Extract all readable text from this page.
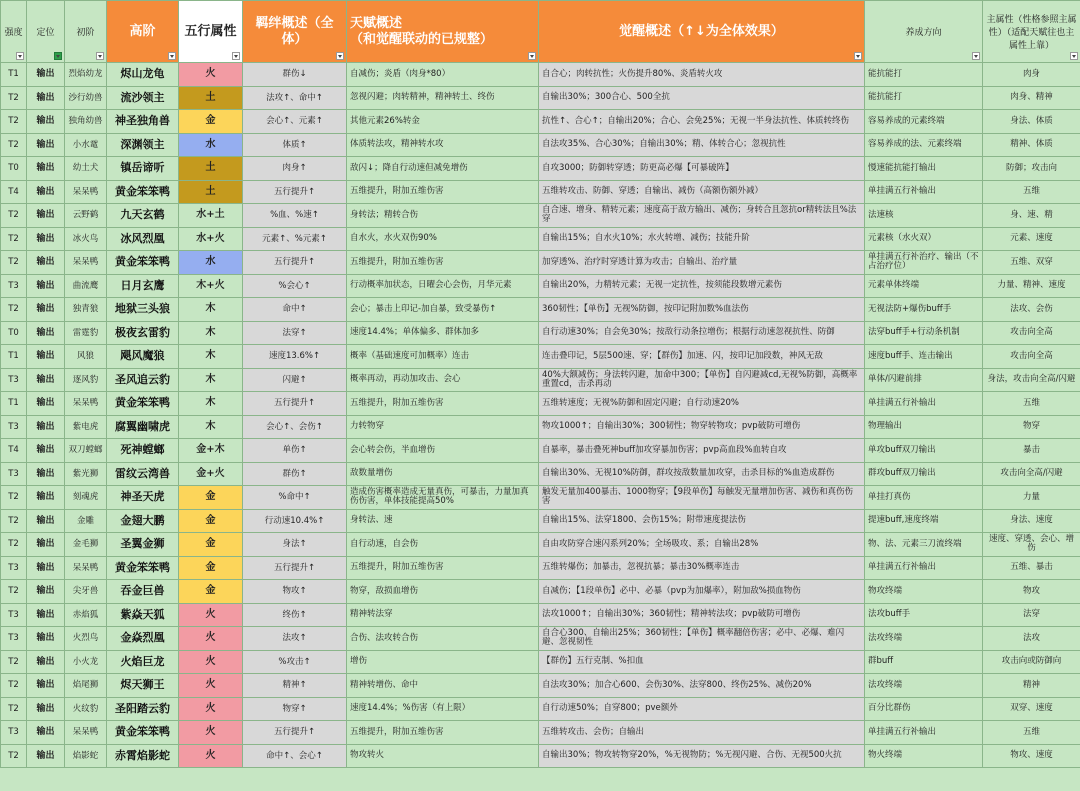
强度	定位	初阶	高阶	五行属性	羁绊概述（全体）	天赋概述
（和觉醒联动的已规整）	觉醒概述（↑↓为全体效果）	养成方向	主属性（性格参照主属性）（适配天赋往也主属性上靠）

T1	输出	烈焰幼龙	烬山龙龟	火	群伤↓	自减伤；炎盾（肉身*80）	自合心；肉转抗性；火伤提升80%、炎盾转火攻	能抗能打	肉身
T2	输出	沙行幼兽	流沙领主	土	法攻↑、命中↑	忽视闪避；肉转精神，精神转土、终伤	自输出30%；300合心、500全抗	能抗能打	肉身、精神
T2	输出	独角幼兽	神圣独角兽	金	会心↑、元素↑	其他元素26%转金	抗性↑、合心↑；自输出20%；合心、会免25%；无视一半身法抗性、体质转终伤	容易养成的元素终端	身法、体质
T2	输出	小水鼋	深渊领主	水	体质↑	体质转法攻，精神转水攻	自法攻35%、合心30%；自输出30%；精、体转合心；忽视抗性	容易养成的法、元素终端	精神、体质
T0	输出	幼土犬	镇岳谛听	土	肉身↑	敌闪↓；降自行动速但减免增伤	自攻3000；防御转穿透；防更高必爆【可暴破阵】	慢速能抗能打输出	防御；攻击向
T4	输出	呆呆鸭	黄金笨笨鸭	土	五行提升↑	五维提升，附加五维伤害	五维转攻击、防御、穿透；自输出、减伤（高额伤额外减）	单挂满五行补输出	五维
T2	输出	云野鹤	九天玄鹤	水+土	%血、%速↑	身转法；精转合伤	自合速、增身、精转元素；速度高于敌方输出、减伤；身转合且忽抗or精转法且%法穿	法速核	身、速、精
T2	输出	冰火鸟	冰风烈凰	水+火	元素↑、%元素↑	自水火，水火双伤90%	自输出15%；自水火10%；水火转增、减伤；技能升阶	元素核（水火双）	元素、速度
T2	输出	呆呆鸭	黄金笨笨鸭	水	五行提升↑	五维提升，附加五维伤害	加穿透%、治疗时穿透计算为攻击；自输出、治疗量	单挂满五行补治疗、输出（不占治疗位）	五维、双穿
T3	输出	曲流鹰	日月玄鹰	木+火	%会心↑	行动概率加状态，日曜会心会伤，月华元素	自输出20%，力精转元素；无视一定抗性，按须能段数增元素伤	元素单体终端	力量、精神、速度
T2	输出	独青狼	地狱三头狼	木	命中↑	会心；暴击上印记-加自暴，致受暴伤↑	360韧性；【单伤】无视%防御，按印记附加数%血法伤	无视法防+爆伤buff手	法攻、会伤
T0	输出	雷霆豹	极夜玄雷豹	木	法穿↑	速度14.4%；单体偏多、群体加多	自行动速30%；自会免30%；按敌行动条拉增伤；根据行动速忽视抗性、防御	法穿buff手+行动条机制	攻击向全高
T1	输出	风狼	飓风魔狼	木	速度13.6%↑	概率（基础速度可加概率）连击	连击叠印记，5层500速、穿；【群伤】加速、闪，按印记加段数，神风无敌	速度buff手、连击输出	攻击向全高
T3	输出	逐风豹	圣风追云豹	木	闪避↑	概率再动，再动加攻击、会心	40%大额减伤；身法转闪避，加命中300；【单伤】自闪避减cd,无视%防御，高概率重置cd，击杀再动	单体/闪避前排	身法，攻击向全高/闪避
T1	输出	呆呆鸭	黄金笨笨鸭	木	五行提升↑	五维提升，附加五维伤害	五维转速度；无视%防御和固定闪避；自行动速20%	单挂满五行补输出	五维
T3	输出	紫电虎	腐翼幽啸虎	木	会心↑、会伤↑	力转物穿	物攻1000↑；自输出30%；300韧性；物穿转物攻；pvp破防可增伤	物理输出	物穿
T4	输出	双刀螳螂	死神螳螂	金+木	单伤↑	会心转会伤，半血增伤	自暴率，暴击叠死神buff加攻穿暴加伤害；pvp高血段%血转自攻	单攻buff双刀输出	暴击
T3	输出	紫光狮	雷纹云湾兽	金+火	群伤↑	敌数量增伤	自输出30%、无视10%防御，群攻按敌数量加攻穿，击杀目标的%血造成群伤	群攻buff双刀输出	攻击向全高/闪避
T2	输出	刻魂虎	神圣天虎	金	%命中↑	造成伤害概率造成无量真伤，可暴击，力量加真伤伤害，单体技能提高50%	触发无量加400暴击、1000物穿；【9段单伤】每触发无量增加伤害、减伤和真伤伤害	单挂打真伤	力量
T2	输出	金雕	金翅大鹏	金	行动速10.4%↑	身转法、速	自输出15%、法穿1800、会伤15%；附带速度提法伤	提速buff,速度终端	身法、速度
T2	输出	金毛狮	圣翼金狮	金	身法↑	自行动速，自会伤	自由攻防穿合速闪系列20%；全场吸攻、系；自输出28%	物、法、元素三刀流终端	速度、穿透、会心、增伤
T3	输出	呆呆鸭	黄金笨笨鸭	金	五行提升↑	五维提升，附加五维伤害	五维转爆伤；加暴击，忽视抗暴；暴击30%概率连击	单挂满五行补输出	五维、暴击
T2	输出	尖牙兽	吞金巨兽	金	物攻↑	物穿，敌损血增伤	自减伤；【1段单伤】必中、必暴（pvp为加爆率），附加敌%损血物伤	物攻终端	物攻
T3	输出	赤焰狐	紫焱天狐	火	终伤↑	精神转法穿	法攻1000↑；自输出30%；360韧性；精神转法攻；pvp破防可增伤	法攻buff手	法穿
T3	输出	火烈鸟	金焱烈凰	火	法攻↑	合伤、法攻转合伤	自合心300、自输出25%；360韧性；【单伤】概率翻倍伤害；必中、必爆、难闪避、忽视韧性	法攻终端	法攻
T2	输出	小火龙	火焰巨龙	火	%攻击↑	增伤	【群伤】五行克制、%扣血	群buff	攻击向或防御向
T2	输出	焰尾狮	烬天狮王	火	精神↑	精神转增伤、命中	自法攻30%；加合心600、会伤30%、法穿800、终伤25%、减伤20%	法攻终端	精神
T2	输出	火纹豹	圣阳踏云豹	火	物穿↑	速度14.4%；%伤害（有上限）	自行动速50%；自穿800；pve额外	百分比群伤	双穿、速度
T3	输出	呆呆鸭	黄金笨笨鸭	火	五行提升↑	五维提升，附加五维伤害	五维转攻击、会伤；自输出	单挂满五行补输出	五维
T2	输出	焰影蛇	赤霄焰影蛇	火	命中↑、会心↑	物攻转火	自输出30%；物攻转物穿20%，%无视物防；%无视闪避、合伤、无视500火抗	物火终端	物攻、速度
